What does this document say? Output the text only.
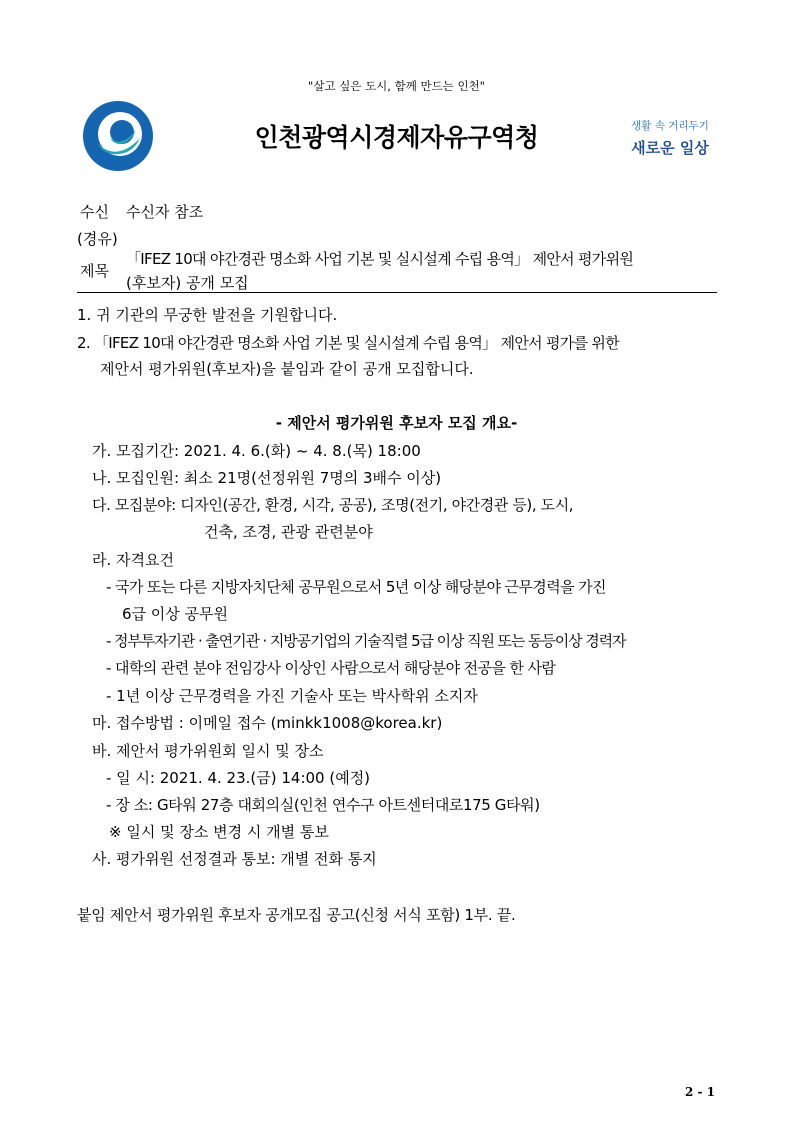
"살고 싶은 도시, 함께 만드는 인천"
인천광역시경제자유구역청	생활 속 거리두기
새로운 일상
수신 수신자 참조
(경유)
제목
「IFEZ 10대 야간경관 명소화 사업 기본 및 실시설계 수립 용역」 제안서 평가위원
(후보자) 공개 모집
1. 귀 기관의 무궁한 발전을 기원합니다.
2. 「IFEZ 10대 야간경관 명소화 사업 기본 및 실시설계 수립 용역」 제안서 평가를 위한
제안서 평가위원(후보자)을 붙임과 같이 공개 모집합니다.
- 제안서 평가위원 후보자 모집 개요-
가. 모집기간: 2021. 4. 6.(화) ~ 4. 8.(목) 18:00
나. 모집인원: 최소 21명(선정위원 7명의 3배수 이상)
다. 모집분야: 디자인(공간, 환경, 시각, 공공), 조명(전기, 야간경관 등), 도시,
건축, 조경, 관광 관련분야
라. 자격요건
- 국가 또는 다른 지방자치단체 공무원으로서 5년 이상 해당분야 근무경력을 가진
6급 이상 공무원
- 정부투자기관 · 출연기관 · 지방공기업의 기술직렬 5급 이상 직원 또는 동등이상 경력자
- 대학의 관련 분야 전임강사 이상인 사람으로서 해당분야 전공을 한 사람
- 1년 이상 근무경력을 가진 기술사 또는 박사학위 소지자
마. 접수방법 : 이메일 접수 (minkk1008@korea.kr)
바. 제안서 평가위원회 일시 및 장소
- 일 시: 2021. 4. 23.(금) 14:00 (예정)
- 장 소: G타워 27층 대회의실(인천 연수구 아트센터대로175 G타워)
※ 일시 및 장소 변경 시 개별 통보
사. 평가위원 선정결과 통보: 개별 전화 통지
붙임 제안서 평가위원 후보자 공개모집 공고(신청 서식 포함) 1부. 끝.
2 - 1
